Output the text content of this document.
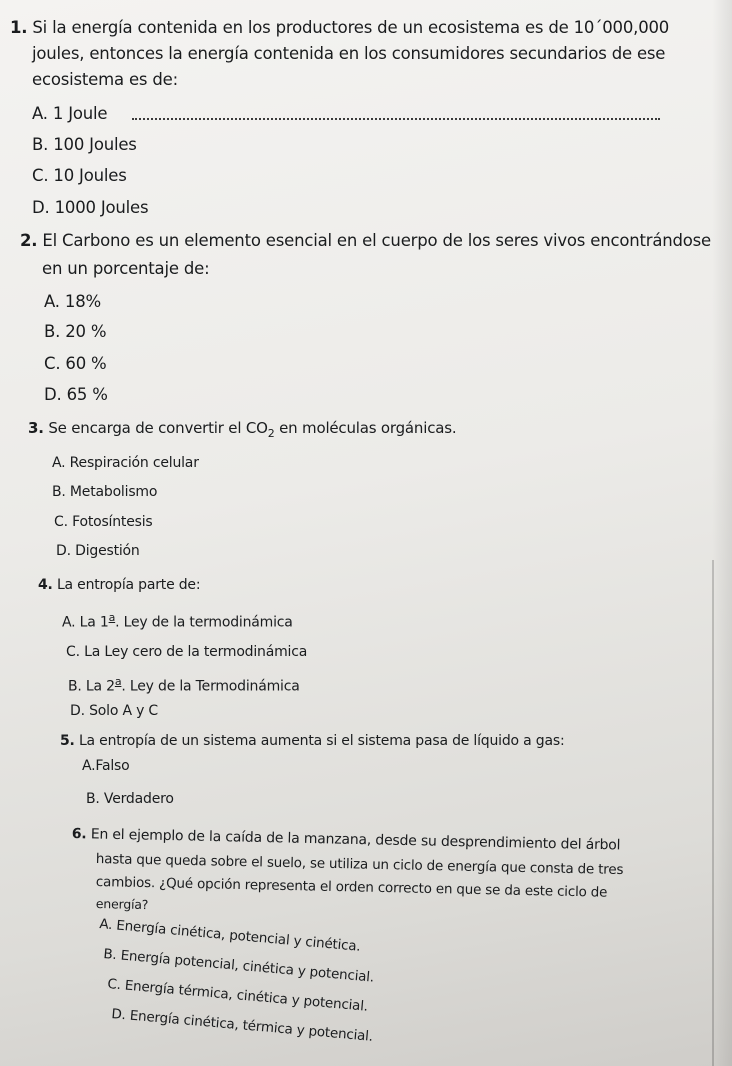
1. Si la energía contenida en los productores de un ecosistema es de 10´000,000
joules, entonces la energía contenida en los consumidores secundarios de ese
ecosistema es de:
A. 1 Joule
B. 100 Joules
C. 10 Joules
D. 1000 Joules
2. El Carbono es un elemento esencial en el cuerpo de los seres vivos encontrándose
en un porcentaje de:
A. 18%
B. 20 %
C. 60 %
D. 65 %
3. Se encarga de convertir el $CO_2$ en moléculas orgánicas.
A. Respiración celular
B. Metabolismo
C. Fotosíntesis
D. Digestión
4. La entropía parte de:
A. La 1$^a$. Ley de la termodinámica
C. La Ley cero de la termodinámica
B. La 2$^a$. Ley de la Termodinámica
D. Solo A y C
5. La entropía de un sistema aumenta si el sistema pasa de líquido a gas:
A.Falso
B. Verdadero
6. En el ejemplo de la caída de la manzana, desde su desprendimiento del árbol
hasta que queda sobre el suelo, se utiliza un ciclo de energía que consta de tres
cambios. ¿Qué opción representa el orden correcto en que se da este ciclo de
energía?
A. Energía cinética, potencial y cinética.
B. Energía potencial, cinética y potencial.
C. Energía térmica, cinética y potencial.
D. Energía cinética, térmica y potencial.
